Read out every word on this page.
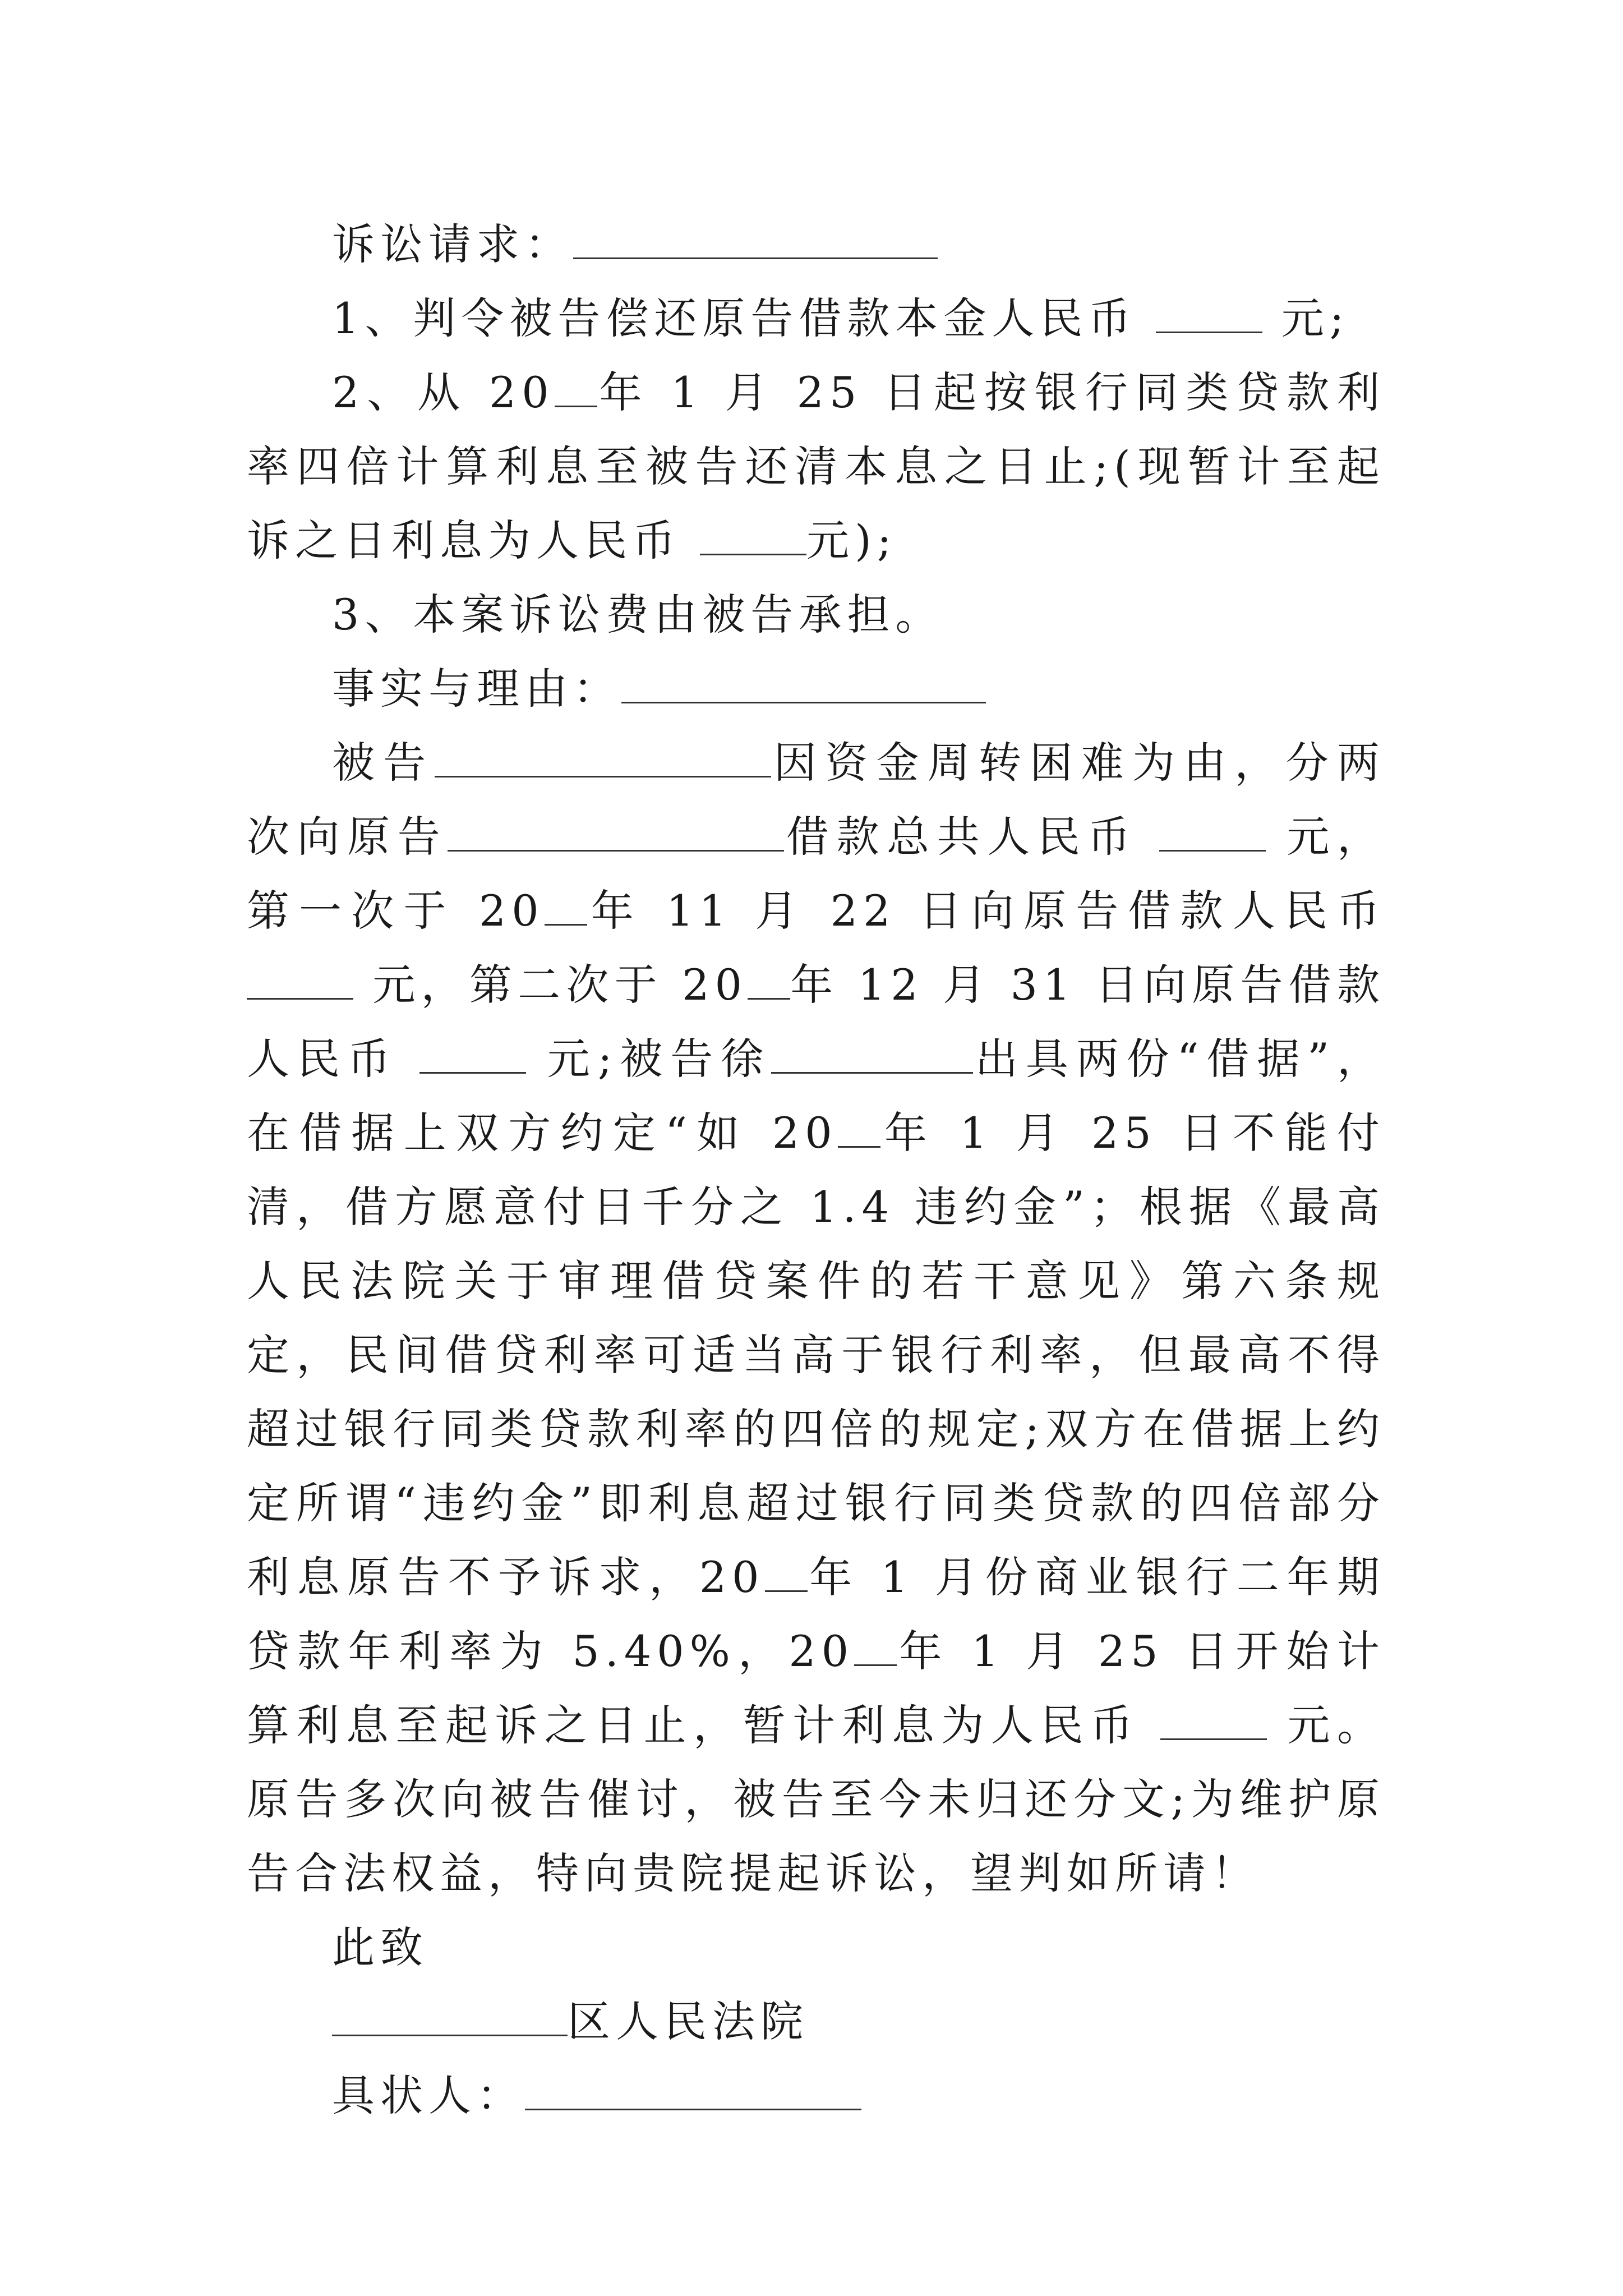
诉讼请求：

1、判令被告偿还原告借款本金人民币	元;

2、从 20 年 1 月 25 日起按银行同类贷款利率四倍计算利息至被告还清本息之日止;(现暂计至起诉之日利息为人民币	元);

3、本案诉讼费由被告承担。

事实与理由：

被告	因资金周转困难为由，分两次向原告	借款总共人民币	元，第一次于 20 年 11 月 22 日向原告借款人民币  元，第二次于 20 年 12 月 31 日向原告借款人民币	元;被告徐	出具两份“借据”，在借据上双方约定“如 20 年 1 月 25 日不能付清，借方愿意付日千分之 1.4 违约金”；根据《最高人民法院关于审理借贷案件的若干意见》第六条规定，民间借贷利率可适当高于银行利率，但最高不得超过银行同类贷款利率的四倍的规定;双方在借据上约定所谓“违约金”即利息超过银行同类贷款的四倍部分利息原告不予诉求，20 年 1 月份商业银行二年期贷款年利率为 5.40%，20 年 1 月 25 日开始计算利息至起诉之日止，暂计利息为人民币	元。原告多次向被告催讨，被告至今未归还分文;为维护原告合法权益，特向贵院提起诉讼，望判如所请！

此致

区人民法院

具状人：
